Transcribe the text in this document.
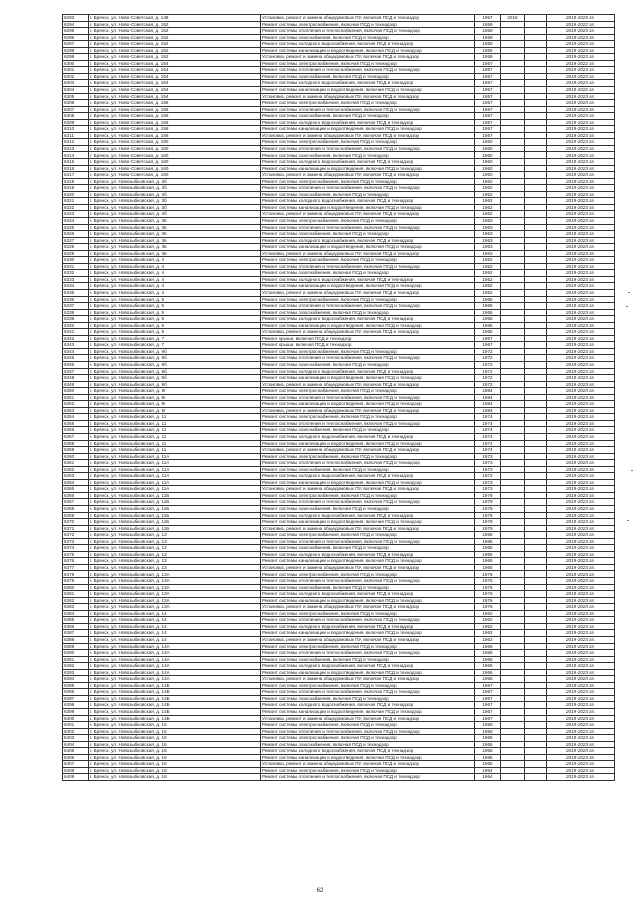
6293	г. Брянск, ул. Ново-Советская, д. 148	Установка, ремонт и замена общедомовых ПУ, включая ПСД и техназдор	1957	2018		2019-2025 гг.
6294	г. Брянск, ул. Ново-Советская, д. 152	Ремонт системы электроснабжения, включая ПСД и технадзор	1959			2019-2022 гг.
6295	г. Брянск, ул. Ново-Советская, д. 152	Ремонт системы отопления и теплоснабжения, включая ПСД и технадзор	1959			2019-2023 гг.
6296	г. Брянск, ул. Ново-Советская, д. 152	Ремонт системы газоснабжения, включая ПСД и технадзор	1959			2019-2023 гг.
6297	г. Брянск, ул. Ново-Советская, д. 152	Ремонт системы холодного водоснабжения, включая ПСД и технадзор	1959			2019-2023 гг.
6298	г. Брянск, ул. Ново-Советская, д. 152	Ремонт системы канализации и водоотведения, включая ПСД и технадзор	1959			2019-2023 гг.
6299	г. Брянск, ул. Ново-Советская, д. 152	Установка, ремонт и замена общедомовых ПУ, включая ПСД и технадзор	1959			2019-2023 гг.
6300	г. Брянск, ул. Ново-Советская, д. 154	Ремонт системы электроснабжения, включая ПСД и технадзор	1957			2019-2022 гг.
6301	г. Брянск, ул. Ново-Советская, д. 154	Ремонт системы отопления и теплоснабжения, включая ПСД и технадзор	1957			2019-2023 гг.
6302	г. Брянск, ул. Ново-Советская, д. 154	Ремонт системы газоснабжения, включая ПСД и технадзор	1957			2019-2023 гг.
6303	г. Брянск, ул. Ново-Советская, д. 154	Ремонт системы холодного водоснабжения, включая ПСД и технадзор	1957			2019-2023 гг.
6304	г. Брянск, ул. Ново-Советская, д. 154	Ремонт системы канализации и водоотведения, включая ПСД и технадзор	1957			2019-2022 гг.
6305	г. Брянск, ул. Ново-Советская, д. 154	Установка, ремонт и замена общедомовых ПУ, включая ПСД и технадзор	1957			2019-2023 гг.
6306	г. Брянск, ул. Ново-Советская, д. 156	Ремонт системы электроснабжения, включая ПСД и технадзор	1957			2019-2023 гг.
6307	г. Брянск, ул. Ново-Советская, д. 156	Ремонт системы отопления и теплоснабжения, включая ПСД и технадзор	1957			2019-2023 гг.
6308	г. Брянск, ул. Ново-Советская, д. 156	Ремонт системы газоснабжения, включая ПСД и технадзор	1957			2019-2023 гг.
6309	г. Брянск, ул. Ново-Советская, д. 156	Ремонт системы холодного водоснабжения, включая ПСД и технадзор	1957			2019-2023 гг.
6310	г. Брянск, ул. Ново-Советская, д. 156	Ремонт системы канализации и водоотведения, включая ПСД и технадзор	1957			2019-2023 гг.
6311	г. Брянск, ул. Ново-Советская, д. 156	Установка, ремонт и замена общедомовых ПУ, включая ПСД и технадзор	1957			2019-2023 гг.
6312	г. Брянск, ул. Ново-Советская, д. 160	Ремонт системы электроснабжения, включая ПСД и технадзор	1960			2019-2023 гг.
6313	г. Брянск, ул. Ново-Советская, д. 160	Ремонт системы отопления и теплоснабжения, включая ПСД и технадзор	1960			2019-2023 гг.
6314	г. Брянск, ул. Ново-Советская, д. 160	Ремонт системы газоснабжения, включая ПСД и технадзор	1960			2019-2023 гг.
6315	г. Брянск, ул. Ново-Советская, д. 160	Ремонт системы холодного водоснабжения, включая ПСД и технадзор	1960			2019-2023 гг.
6316	г. Брянск, ул. Ново-Советская, д. 160	Ремонт системы канализации и водоотведения, включая ПСД и технадзор	1960			2019-2023 гг.
6317	г. Брянск, ул. Ново-Советская, д. 160	Установка, ремонт и замена общедомовых ПУ, включая ПСД и технадзор	1960			2019-2023 гг.
6318	г. Брянск, ул. Новозыбковская, д. 3б	Ремонт системы электроснабжения, включая ПСД и технадзор	1962			2019-2023 гг.
6319	г. Брянск, ул. Новозыбковская, д. 3б	Ремонт системы отопления и теплоснабжения, включая ПСД и технадзор	1962			2019-2023 гг.
6320	г. Брянск, ул. Новозыбковская, д. 3б	Ремонт системы газоснабжения, включая ПСД и технадзор	1962			2019-2023 гг.
6321	г. Брянск, ул. Новозыбковская, д. 3б	Ремонт системы холодного водоснабжения, включая ПСД и технадзор	1962			2019-2023 гг.
6322	г. Брянск, ул. Новозыбковская, д. 3б	Ремонт системы канализации и водоотведения, включая ПСД и технадзор	1962			2019-2023 гг.
6323	г. Брянск, ул. Новозыбковская, д. 3б	Установка, ремонт и замена общедомовых ПУ, включая ПСД и технадзор	1962			2019-2023 гг.
6324	г. Брянск, ул. Новозыбковская, д. 3в	Ремонт системы электроснабжения, включая ПСД и технадзор	1963			2019-2023 гг.
6325	г. Брянск, ул. Новозыбковская, д. 3в	Ремонт системы отопления и теплоснабжения, включая ПСД и технадзор	1963			2019-2023 гг.
6326	г. Брянск, ул. Новозыбковская, д. 3в	Ремонт системы газоснабжения, включая ПСД и технадзор	1963			2019-2023 гг.
6327	г. Брянск, ул. Новозыбковская, д. 3в	Ремонт системы холодного водоснабжения, включая ПСД и технадзор	1963			2019-2023 гг.
6328	г. Брянск, ул. Новозыбковская, д. 3в	Ремонт системы канализации и водоотведения, включая ПСД и технадзор	1963			2019-2023 гг.
6329	г. Брянск, ул. Новозыбковская, д. 3в	Установка, ремонт и замена общедомовых ПУ, включая ПСД и технадзор	1963			2019-2023 гг.
6330	г. Брянск, ул. Новозыбковская, д. 4	Ремонт системы электроснабжения, включая ПСД и технадзор	1952			2019-2023 гг.
6331	г. Брянск, ул. Новозыбковская, д. 4	Ремонт системы отопления и теплоснабжения, включая ПСД и технадзор	1952			2019-2023 гг.
6332	г. Брянск, ул. Новозыбковская, д. 4	Ремонт системы газоснабжения, включая ПСД и технадзор	1952			2019-2023 гг.
6333	г. Брянск, ул. Новозыбковская, д. 4	Ремонт системы холодного водоснабжения, включая ПСД и технадзор	1952			2019-2023 гг.
6334	г. Брянск, ул. Новозыбковская, д. 4	Ремонт системы канализации и водоотведения, включая ПСД и технадзор	1952			2019-2023 гг.
6335	г. Брянск, ул. Новозыбковская, д. 4	Установка, ремонт и замена общедомовых ПУ, включая ПСД и технадзор	1952			2019-2023 гг.
6336	г. Брянск, ул. Новозыбковская, д. 5	Ремонт системы электроснабжения, включая ПСД и технадзор	1965			2019-2023 гг.
6337	г. Брянск, ул. Новозыбковская, д. 5	Ремонт системы отопления и теплоснабжения, включая ПСД и технадзор	1965			2019-2023 гг.
6338	г. Брянск, ул. Новозыбковская, д. 5	Ремонт системы газоснабжения, включая ПСД и технадзор	1965			2019-2023 гг.
6339	г. Брянск, ул. Новозыбковская, д. 5	Ремонт системы холодного водоснабжения, включая ПСД и технадзор	1965			2019-2023 гг.
6340	г. Брянск, ул. Новозыбковская, д. 5	Ремонт системы канализации и водоотведения, включая ПСД и технадзор	1965			2019-2023 гг.
6341	г. Брянск, ул. Новозыбковская, д. 5	Установка, ремонт и замена общедомовых ПУ, включая ПСД и технадзор	1965			2019-2023 гг.
6342	г. Брянск, ул. Новозыбковская, д. 7	Ремонт крыши, включая ПСД и технадзор	1967			2019-2023 гг.
6343	г. Брянск, ул. Новозыбковская, д. 7	Ремонт крыши, включая ПСД и технадзор	1967			2019-2023 гг.
6344	г. Брянск, ул. Новозыбковская, д. 9б	Ремонт системы электроснабжения, включая ПСД и технадзор	1972			2019-2023 гг.
6345	г. Брянск, ул. Новозыбковская, д. 9б	Ремонт системы отопления и теплоснабжения, включая ПСД и технадзор	1972			2019-2023 гг.
6346	г. Брянск, ул. Новозыбковская, д. 9б	Ремонт системы газоснабжения, включая ПСД и технадзор	1972			2019-2023 гг.
6347	г. Брянск, ул. Новозыбковская, д. 9б	Ремонт системы холодного водоснабжения, включая ПСД и технадзор	1972			2019-2023 гг.
6348	г. Брянск, ул. Новозыбковская, д. 9б	Ремонт системы канализации и водоотведения, включая ПСД и технадзор	1972			2019-2023 гг.
6349	г. Брянск, ул. Новозыбковская, д. 9б	Установка, ремонт и замена общедомовых ПУ, включая ПСД и технадзор	1972			2019-2023 гг.
6350	г. Брянск, ул. Новозыбковская, д. 9г	Ремонт системы электроснабжения, включая ПСД и технадзор	1984			2019-2023 гг.
6351	г. Брянск, ул. Новозыбковская, д. 9г	Ремонт системы отопления и теплоснабжения, включая ПСД и технадзор	1984			2019-2023 гг.
6352	г. Брянск, ул. Новозыбковская, д. 9г	Ремонт системы канализации и водоотведения, включая ПСД и технадзор	1984			2019-2023 гг.
6353	г. Брянск, ул. Новозыбковская, д. 9г	Установка, ремонт и замена общедомовых ПУ, включая ПСД и технадзор	1984			2019-2023 гг.
6354	г. Брянск, ул. Новозыбковская, д. 11	Ремонт системы электроснабжения, включая ПСД и технадзор	1974			2019-2023 гг.
6355	г. Брянск, ул. Новозыбковская, д. 11	Ремонт системы отопления и теплоснабжения, включая ПСД и технадзор	1974			2019-2023 гг.
6356	г. Брянск, ул. Новозыбковская, д. 11	Ремонт системы газоснабжения, включая ПСД и технадзор	1974			2019-2023 гг.
6357	г. Брянск, ул. Новозыбковская, д. 11	Ремонт системы холодного водоснабжения, включая ПСД и технадзор	1974			2019-2023 гг.
6358	г. Брянск, ул. Новозыбковская, д. 11	Ремонт системы канализации и водоотведения, включая ПСД и технадзор	1974			2019-2023 гг.
6359	г. Брянск, ул. Новозыбковская, д. 11	Установка, ремонт и замена общедомовых ПУ, включая ПСД и технадзор	1974			2019-2023 гг.
6360	г. Брянск, ул. Новозыбковская, д. 11А	Ремонт системы электроснабжения, включая ПСД и технадзор	1973			2019-2023 гг.
6361	г. Брянск, ул. Новозыбковская, д. 11А	Ремонт системы отопления и теплоснабжения, включая ПСД и технадзор	1973			2019-2023 гг.
6362	г. Брянск, ул. Новозыбковская, д. 11А	Ремонт системы газоснабжения, включая ПСД и технадзор	1973			2019-2023 гг.
6363	г. Брянск, ул. Новозыбковская, д. 11А	Ремонт системы холодного водоснабжения, включая ПСД и технадзор	1973			2019-2023 гг.
6364	г. Брянск, ул. Новозыбковская, д. 11А	Ремонт системы канализации и водоотведения, включая ПСД и технадзор	1973			2019-2023 гг.
6365	г. Брянск, ул. Новозыбковская, д. 11А	Установка, ремонт и замена общедомовых ПУ, включая ПСД и технадзор	1973			2019-2023 гг.
6366	г. Брянск, ул. Новозыбковская, д. 11Б	Ремонт системы электроснабжения, включая ПСД и технадзор	1979			2019-2023 гг.
6367	г. Брянск, ул. Новозыбковская, д. 11Б	Ремонт системы отопления и теплоснабжения, включая ПСД и технадзор	1979			2019-2023 гг.
6368	г. Брянск, ул. Новозыбковская, д. 11Б	Ремонт системы газоснабжения, включая ПСД и технадзор	1979			2019-2023 гг.
6369	г. Брянск, ул. Новозыбковская, д. 11Б	Ремонт системы холодного водоснабжения, включая ПСД и технадзор	1979			2019-2023 гг.
6370	г. Брянск, ул. Новозыбковская, д. 11Б	Ремонт системы канализации и водоотведения, включая ПСД и технадзор	1979			2019-2023 гг.
6371	г. Брянск, ул. Новозыбковская, д. 11Б	Установка, ремонт и замена общедомовых ПУ, включая ПСД и технадзор	1979			2019-2023 гг.
6372	г. Брянск, ул. Новозыбковская, д. 13	Ремонт системы электроснабжения, включая ПСД и технадзор	1965			2019-2023 гг.
6373	г. Брянск, ул. Новозыбковская, д. 13	Ремонт системы отопления и теплоснабжения, включая ПСД и технадзор	1965			2019-2023 гг.
6374	г. Брянск, ул. Новозыбковская, д. 13	Ремонт системы газоснабжения, включая ПСД и технадзор	1965			2019-2023 гг.
6375	г. Брянск, ул. Новозыбковская, д. 13	Ремонт системы холодного водоснабжения, включая ПСД и технадзор	1965			2019-2023 гг.
6376	г. Брянск, ул. Новозыбковская, д. 13	Ремонт системы канализации и водоотведения, включая ПСД и технадзор	1965			2019-2023 гг.
6377	г. Брянск, ул. Новозыбковская, д. 13	Установка, ремонт и замена общедомовых ПУ, включая ПСД и технадзор	1965			2019-2023 гг.
6378	г. Брянск, ул. Новозыбковская, д. 13А	Ремонт системы электроснабжения, включая ПСД и технадзор	1976			2019-2023 гг.
6379	г. Брянск, ул. Новозыбковская, д. 13А	Ремонт системы отопления и теплоснабжения, включая ПСД и технадзор	1976			2019-2023 гг.
6380	г. Брянск, ул. Новозыбковская, д. 13А	Ремонт системы газоснабжения, включая ПСД и технадзор	1976			2019-2023 гг.
6381	г. Брянск, ул. Новозыбковская, д. 13А	Ремонт системы холодного водоснабжения, включая ПСД и технадзор	1976			2019-2023 гг.
6382	г. Брянск, ул. Новозыбковская, д. 13А	Ремонт системы канализации и водоотведения, включая ПСД и технадзор	1976			2019-2023 гг.
6383	г. Брянск, ул. Новозыбковская, д. 13А	Установка, ремонт и замена общедомовых ПУ, включая ПСД и технадзор	1976			2019-2023 гг.
6384	г. Брянск, ул. Новозыбковская, д. 14	Ремонт системы электроснабжения, включая ПСД и технадзор	1962			2019-2023 гг.
6385	г. Брянск, ул. Новозыбковская, д. 14	Ремонт системы отопления и теплоснабжения, включая ПСД и технадзор	1962			2019-2023 гг.
6386	г. Брянск, ул. Новозыбковская, д. 14	Ремонт системы холодного водоснабжения, включая ПСД и технадзор	1962			2019-2023 гг.
6387	г. Брянск, ул. Новозыбковская, д. 14	Ремонт системы канализации и водоотведения, включая ПСД и технадзор	1962			2019-2023 гг.
6388	г. Брянск, ул. Новозыбковская, д. 14	Установка, ремонт и замена общедомовых ПУ, включая ПСД и технадзор	1962			2019-2023 гг.
6389	г. Брянск, ул. Новозыбковская, д. 14А	Ремонт системы электроснабжения, включая ПСД и технадзор	1966			2019-2023 гг.
6390	г. Брянск, ул. Новозыбковская, д. 14А	Ремонт системы отопления и теплоснабжения, включая ПСД и технадзор	1966			2019-2023 гг.
6391	г. Брянск, ул. Новозыбковская, д. 14А	Ремонт системы газоснабжения, включая ПСД и технадзор	1966			2019-2023 гг.
6392	г. Брянск, ул. Новозыбковская, д. 14А	Ремонт системы холодного водоснабжения, включая ПСД и технадзор	1966			2019-2023 гг.
6393	г. Брянск, ул. Новозыбковская, д. 14А	Ремонт системы канализации и водоотведения, включая ПСД и технадзор	1966			2019-2023 гг.
6394	г. Брянск, ул. Новозыбковская, д. 14А	Установка, ремонт и замена общедомовых ПУ, включая ПСД и технадзор	1966			2019-2023 гг.
6395	г. Брянск, ул. Новозыбковская, д. 14Б	Ремонт системы электроснабжения, включая ПСД и технадзор	1967			2019-2023 гг.
6396	г. Брянск, ул. Новозыбковская, д. 14Б	Ремонт системы отопления и теплоснабжения, включая ПСД и технадзор	1967			2019-2023 гг.
6397	г. Брянск, ул. Новозыбковская, д. 14Б	Ремонт системы газоснабжения, включая ПСД и технадзор	1967			2019-2023 гг.
6398	г. Брянск, ул. Новозыбковская, д. 14Б	Ремонт системы холодного водоснабжения, включая ПСД и технадзор	1967			2019-2023 гг.
6399	г. Брянск, ул. Новозыбковская, д. 14Б	Ремонт системы канализации и водоотведения, включая ПСД и технадзор	1967			2019-2023 гг.
6400	г. Брянск, ул. Новозыбковская, д. 14Б	Установка, ремонт и замена общедомовых ПУ, включая ПСД и технадзор	1967			2019-2023 гг.
6401	г. Брянск, ул. Новозыбковская, д. 15	Ремонт системы электроснабжения, включая ПСД и технадзор	1958			2019-2023 гг.
6402	г. Брянск, ул. Новозыбковская, д. 15	Ремонт системы отопления и теплоснабжения, включая ПСД и технадзор	1958			2019-2023 гг.
6403	г. Брянск, ул. Новозыбковская, д. 16	Ремонт системы электроснабжения, включая ПСД и технадзор	1965			2019-2023 гг.
6404	г. Брянск, ул. Новозыбковская, д. 16	Ремонт системы газоснабжения, включая ПСД и технадзор	1965			2019-2023 гг.
6405	г. Брянск, ул. Новозыбковская, д. 16	Ремонт системы холодного водоснабжения, включая ПСД и технадзор	1965			2019-2023 гг.
6406	г. Брянск, ул. Новозыбковская, д. 16	Ремонт системы канализации и водоотведения, включая ПСД и технадзор	1965			2019-2023 гг.
6407	г. Брянск, ул. Новозыбковская, д. 16	Установка, ремонт и замена общедомовых ПУ, включая ПСД и технадзор	1965			2019-2023 гг.
6408	г. Брянск, ул. Новозыбковская, д. 18	Ремонт системы электроснабжения, включая ПСД и технадзор	1964			2019-2023 гг.
6409	г. Брянск, ул. Новозыбковская, д. 18	Ремонт системы отопления и теплоснабжения, включая ПСД и технадзор	1964			2019-2023 гг.
62
